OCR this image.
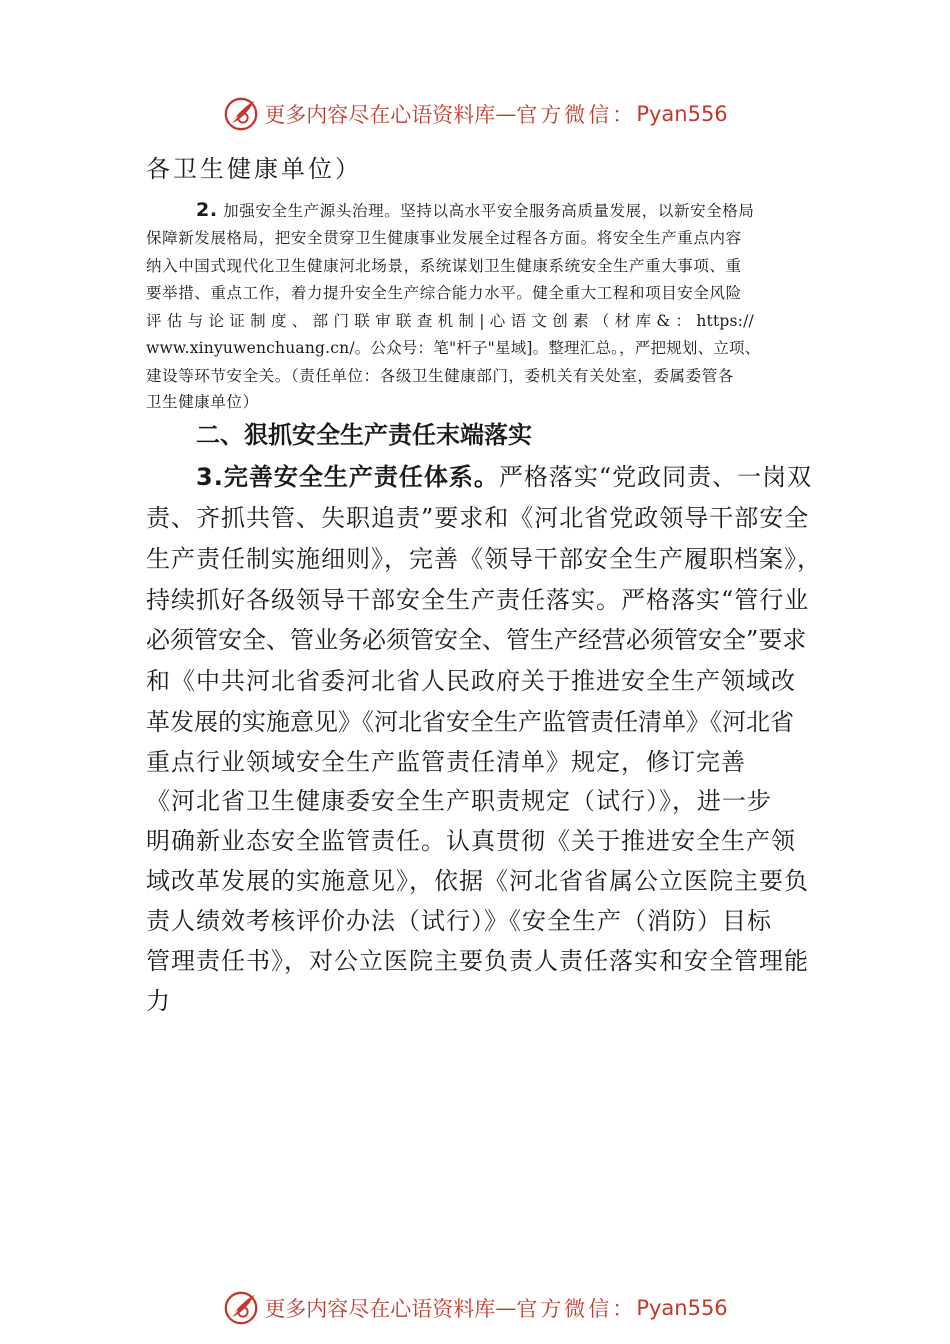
更多内容尽在心语资料库 — 官方微信： Pyan556
各卫生健康单位）
2. 加强安全生产源头治理。坚持以高水平安全服务高质量发展，以新安全格局
保障新发展格局，把安全贯穿卫生健康事业发展全过程各方面。将安全生产重点内容
纳入中国式现代化卫生健康河北场景，系统谋划卫生健康系统安全生产重大事项、重
要举措、重点工作，着力提升安全生产综合能力水平。健全重大工程和项目安全风险
评 估 与 论 证 制 度 、 部 门 联 审 联 查 机 制 | 心 语 文 创 素 （ 材 库 & ： https://
www.xinyuwenchuang.cn/。公众号：笔"杆子"星域]。整理汇总。，严把规划、立项、
建设等环节安全关。（责任单位：各级卫生健康部门，委机关有关处室，委属委管各
卫生健康单位）
二、狠抓安全生产责任末端落实
3.完善安全生产责任体系。严格落实“党政同责、一岗双
责、齐抓共管、失职追责”要求和《河北省党政领导干部安全
生产责任制实施细则》，完善《领导干部安全生产履职档案》，
持续抓好各级领导干部安全生产责任落实。严格落实“管行业
必须管安全、管业务必须管安全、管生产经营必须管安全”要求
和《中共河北省委河北省人民政府关于推进安全生产领域改
革发展的实施意见》《河北省安全生产监管责任清单》《河北省
重点行业领域安全生产监管责任清单》规定，修订完善
《河北省卫生健康委安全生产职责规定（试行）》，进一步
明确新业态安全监管责任。认真贯彻《关于推进安全生产领
域改革发展的实施意见》，依据《河北省省属公立医院主要负
责人绩效考核评价办法（试行）》《安全生产（消防）目标
管理责任书》，对公立医院主要负责人责任落实和安全管理能
力
更多内容尽在心语资料库 — 官方微信： Pyan556
